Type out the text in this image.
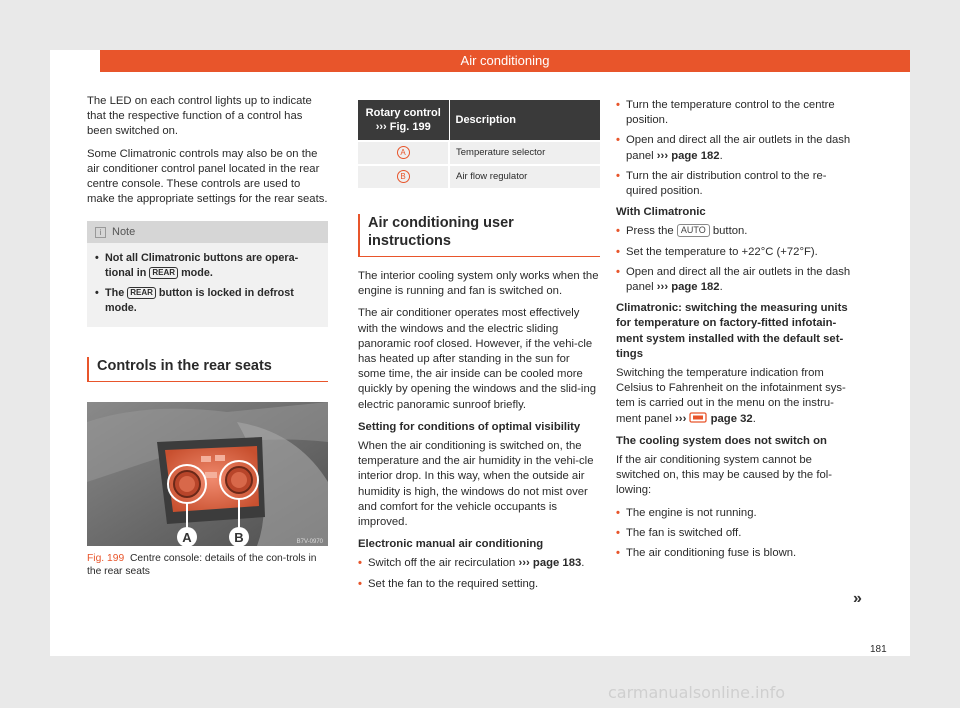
Air conditioning

The LED on each control lights up to indicate that the respective function of a control has been switched on.

Some Climatronic controls may also be on the air conditioner control panel located in the rear centre console. These controls are used to make the appropriate settings for the rear seats.

i Note
• Not all Climatronic buttons are opera-tional in REAR mode.
• The REAR button is locked in defrost mode.
Controls in the rear seats
A	B	B7V-0970
Fig. 199 Centre console: details of the con-trols in the rear seats
Rotary control ››› Fig. 199	Description
A	Temperature selector
B	Air flow regulator
Air conditioning user instructions

The interior cooling system only works when the engine is running and fan is switched on.

The air conditioner operates most effectively with the windows and the electric sliding panoramic roof closed. However, if the vehi-cle has heated up after standing in the sun for some time, the air inside can be cooled more quickly by opening the windows and the slid-ing electric panoramic sunroof briefly.

Setting for conditions of optimal visibility

When the air conditioning is switched on, the temperature and the air humidity in the vehi-cle interior drop. In this way, when the outside air humidity is high, the windows do not mist over and comfort for the vehicle occupants is improved.

Electronic manual air conditioning
• Switch off the air recirculation ››› page 183.
• Set the fan to the required setting.
• Turn the temperature control to the centre position.
• Open and direct all the air outlets in the dash panel ››› page 182.
• Turn the air distribution control to the re-quired position.
With Climatronic
• Press the AUTO button.
• Set the temperature to +22°C (+72°F).
• Open and direct all the air outlets in the dash panel ››› page 182.
Climatronic: switching the measuring units for temperature on factory-fitted infotain-ment system installed with the default set-tings

Switching the temperature indication from Celsius to Fahrenheit on the infotainment sys-tem is carried out in the menu on the instru-ment panel ››› page 32.

The cooling system does not switch on

If the air conditioning system cannot be switched on, this may be caused by the fol-lowing:

• The engine is not running.
• The fan is switched off.
• The air conditioning fuse is blown.
»
181
carmanualsonline.info
